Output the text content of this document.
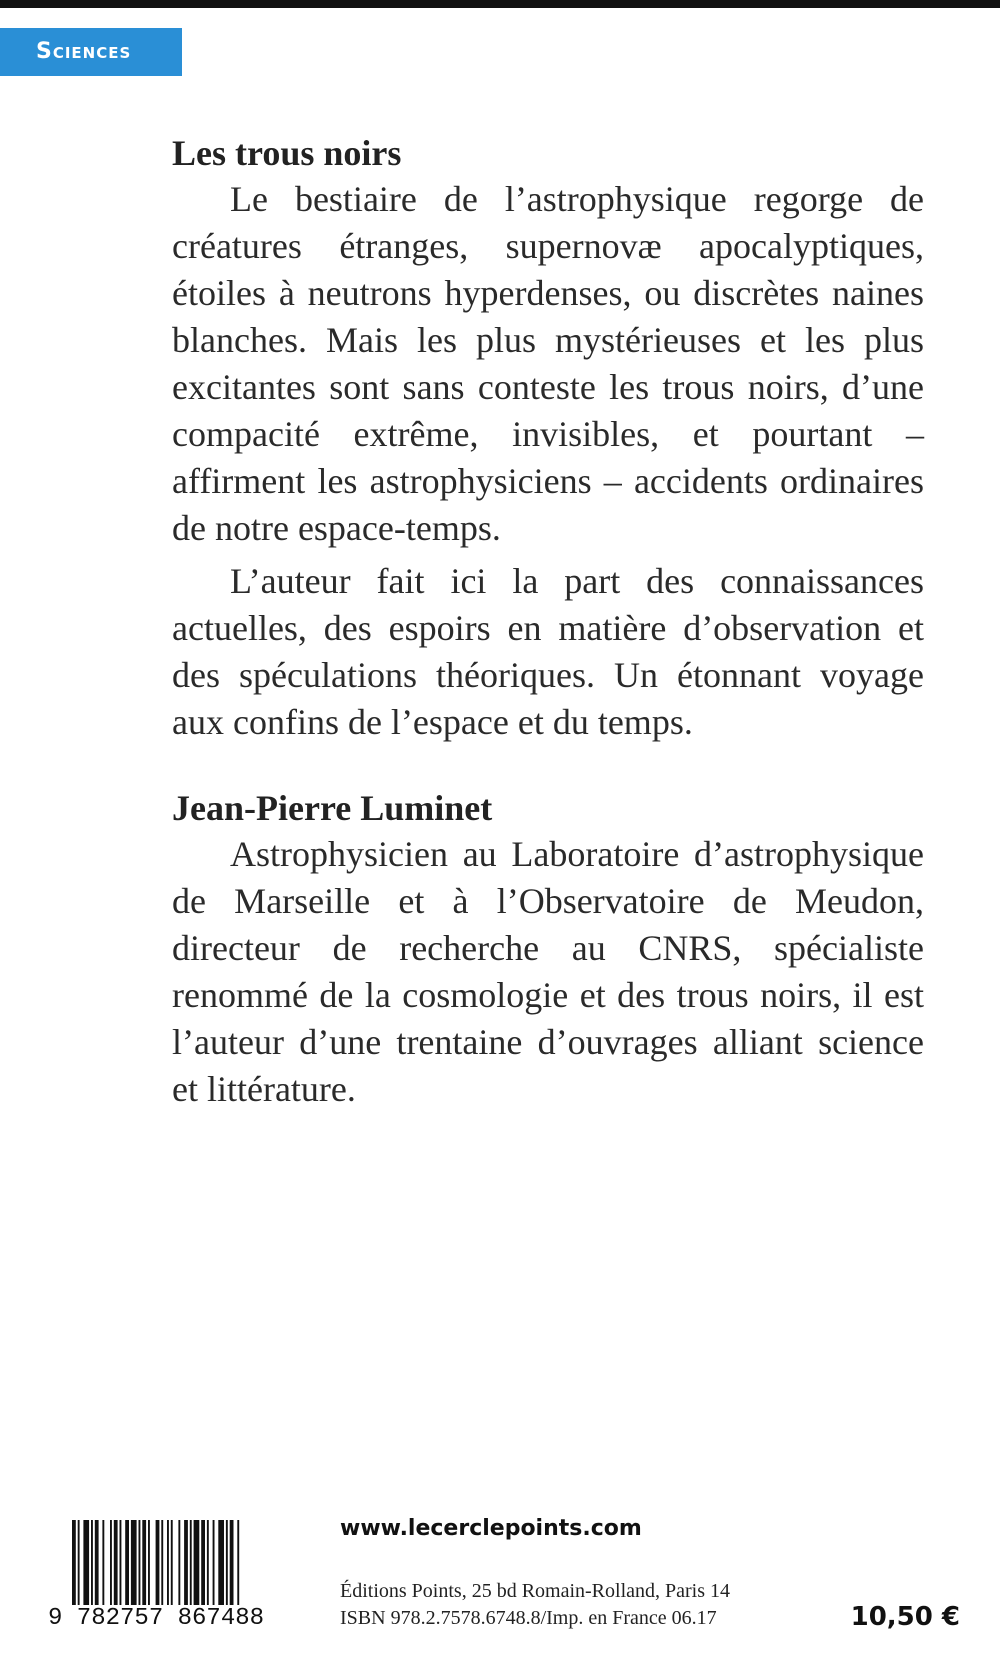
Sciences
Les trous noirs

Le bestiaire de l’astrophysique regorge de créatures étranges, supernovæ apocalyptiques, étoiles à neutrons hyperdenses, ou discrètes naines blanches. Mais les plus mystérieuses et les plus excitantes sont sans conteste les trous noirs, d’une compacité extrême, invisibles, et pourtant – affirment les astrophysiciens – accidents ordinaires de notre espace-temps.

L’auteur fait ici la part des connaissances actuelles, des espoirs en matière d’observation et des spéculations théoriques. Un étonnant voyage aux confins de l’espace et du temps.

Jean-Pierre Luminet

Astrophysicien au Laboratoire d’astrophysique de Marseille et à l’Observatoire de Meudon, directeur de recherche au CNRS, spécialiste renommé de la cosmologie et des trous noirs, il est l’auteur d’une trentaine d’ouvrages alliant science et littérature.

9 782757 867488
www.lecerclepoints.com
Éditions Points, 25 bd Romain-Rolland, Paris 14
ISBN 978.2.7578.6748.8/Imp. en France 06.17	10,50 €
